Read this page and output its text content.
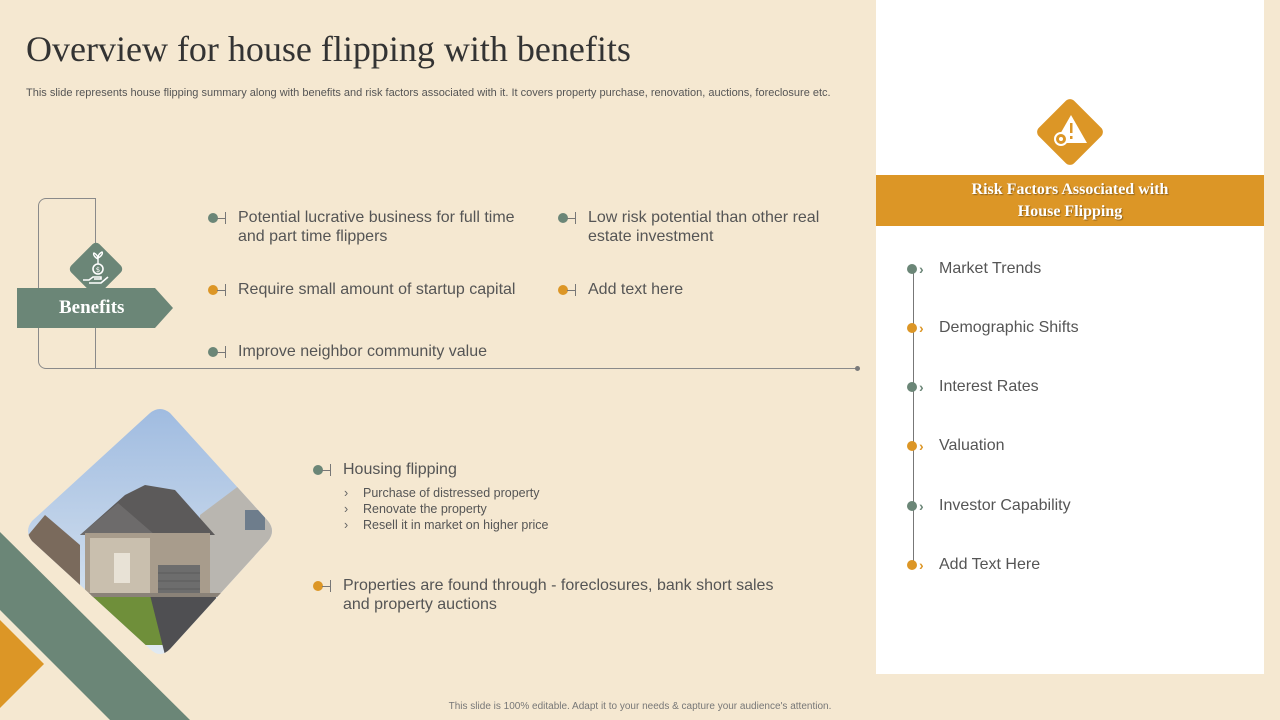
Overview for house flipping with benefits

This slide represents house flipping summary along with benefits and risk factors associated with it. It covers property purchase, renovation, auctions, foreclosure etc.

$
Benefits
Potential lucrative business for full time and part time flippers
Low risk potential than other real estate investment
Require small amount of startup capital	Add text here
Improve neighbor community value
Housing flipping
›	Purchase of distressed property
›	Renovate the property
›	Resell it in market on higher price
Properties are found through - foreclosures, bank short sales and property auctions
Risk Factors Associated with
House Flipping
› Market Trends
› Demographic Shifts
› Interest Rates
› Valuation
› Investor Capability
› Add Text Here
This slide is 100% editable. Adapt it to your needs & capture your audience's attention.
